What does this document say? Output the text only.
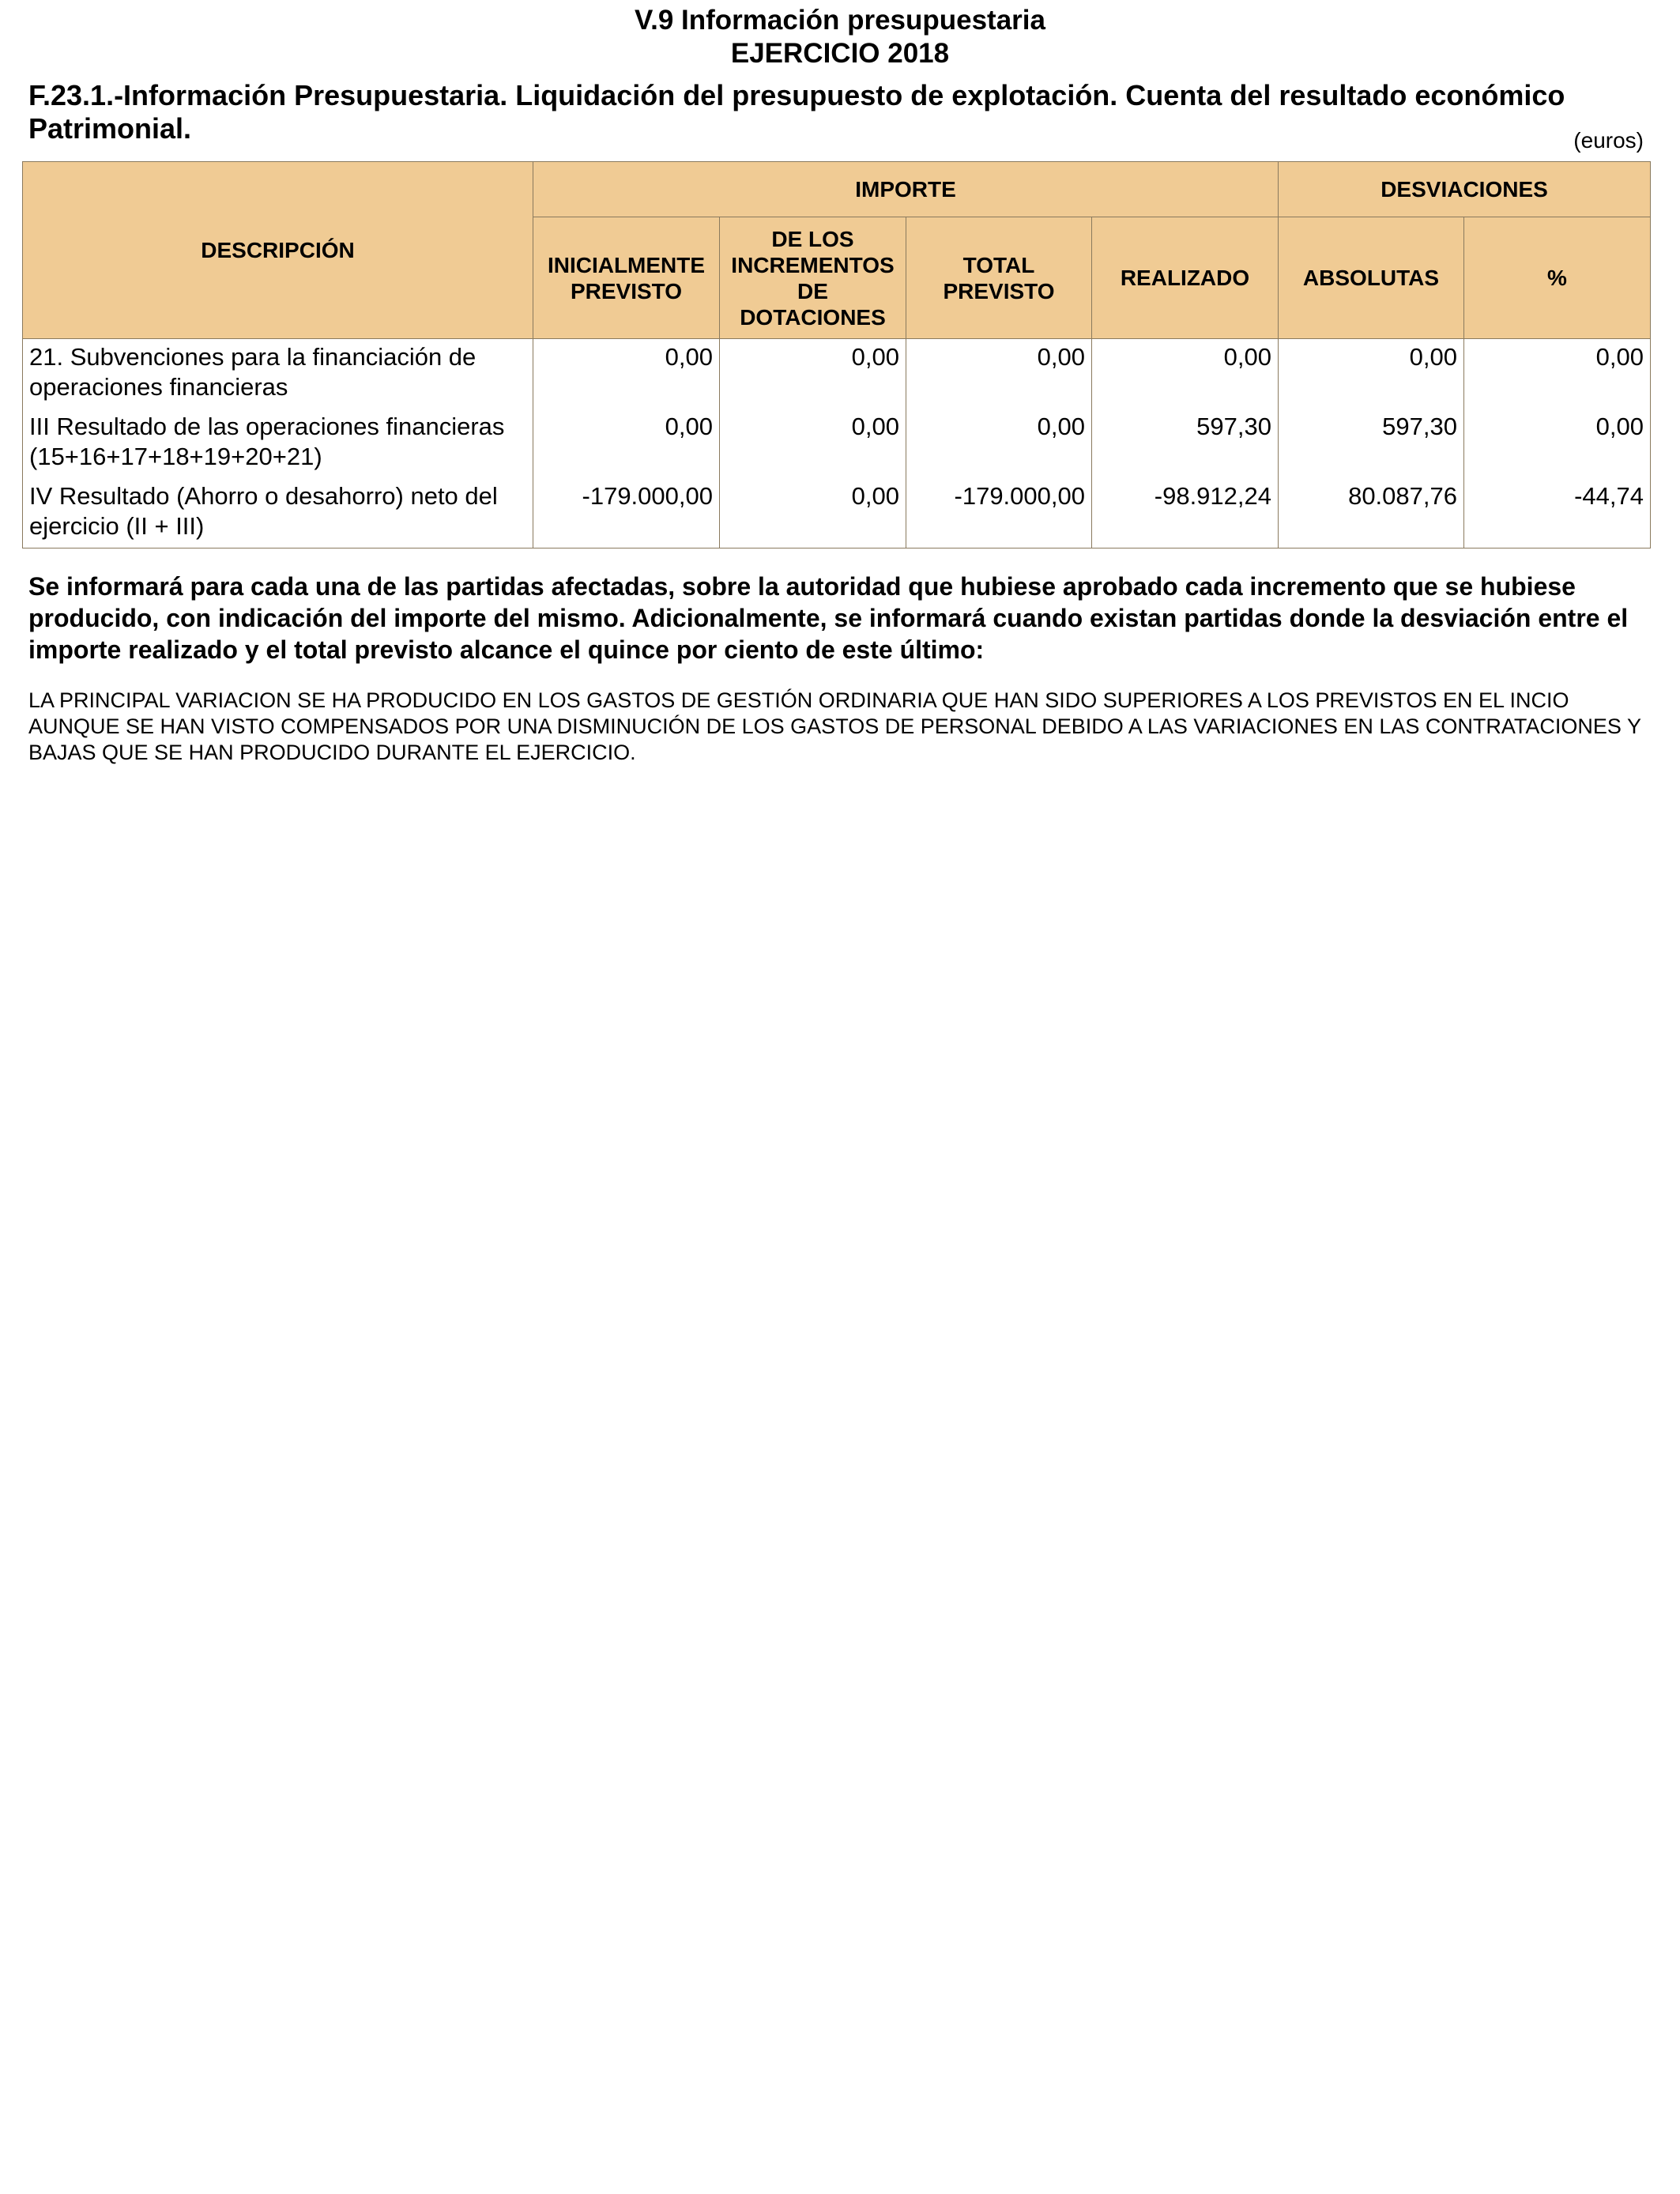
V.9 Información presupuestaria
EJERCICIO 2018
F.23.1.-Información Presupuestaria. Liquidación del presupuesto de explotación. Cuenta del resultado económico Patrimonial.	(euros)
DESCRIPCIÓN	IMPORTE				DESVIACIONES	
	INICIALMENTE PREVISTO	DE LOS INCREMENTOS DE DOTACIONES	TOTAL PREVISTO	REALIZADO	ABSOLUTAS	%
21. Subvenciones para la financiación de operaciones financieras	0,00	0,00	0,00	0,00	0,00	0,00
III Resultado de las operaciones financieras (15+16+17+18+19+20+21)	0,00	0,00	0,00	597,30	597,30	0,00
IV Resultado (Ahorro o desahorro) neto del ejercicio (II + III)	-179.000,00	0,00	-179.000,00	-98.912,24	80.087,76	-44,74
Se informará para cada una de las partidas afectadas, sobre la autoridad que hubiese aprobado cada incremento que se hubiese producido, con indicación del importe del mismo. Adicionalmente, se informará cuando existan partidas donde la desviación entre el importe realizado y el total previsto alcance el quince por ciento de este último:
LA PRINCIPAL VARIACION SE HA PRODUCIDO EN LOS GASTOS DE GESTIÓN ORDINARIA QUE HAN SIDO SUPERIORES A LOS PREVISTOS EN EL INCIO AUNQUE SE HAN VISTO COMPENSADOS POR UNA DISMINUCIÓN DE LOS GASTOS DE PERSONAL DEBIDO A LAS VARIACIONES EN LAS CONTRATACIONES Y BAJAS QUE SE HAN PRODUCIDO DURANTE EL EJERCICIO.
